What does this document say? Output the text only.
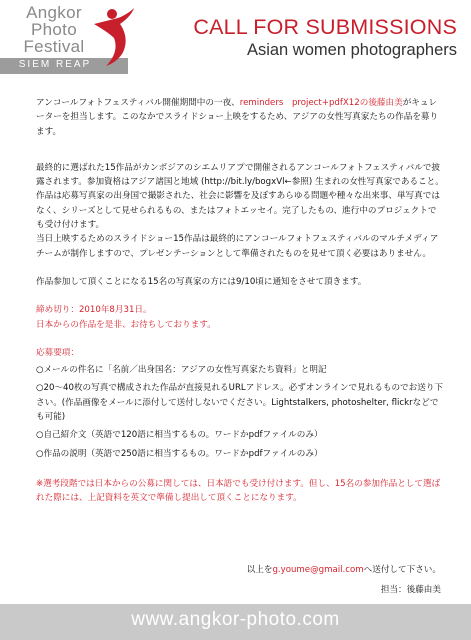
Angkor
Photo
Festival
SIEM REAP
CALL FOR SUBMISSIONS
Asian women photographers

アンコールフォトフェスティバル開催期間中の一夜、reminders　project+pdfX12の後藤由美がキュレーターを担当します。このなかでスライドショー上映をするため、アジアの女性写真家たちの作品を募ります。

最終的に選ばれた15作品がカンボジアのシエムリアプで開催されるアンコールフォトフェスティバルで披露されます。参加資格はアジア諸国と地域 (http://bit.ly/bogxVl←参照) 生まれの女性写真家であること。作品は応募写真家の出身国で撮影された、社会に影響を及ぼすあらゆる問題や種々な出来事、単写真ではなく、シリーズとして見せられるもの、またはフォトエッセイ。完了したもの、進行中のプロジェクトでも受け付けます。

当日上映するためのスライドショー15作品は最終的にアンコールフォトフェスティバルのマルチメディアチームが制作しますので、プレゼンテーションとして準備されたものを見せて頂く必要はありません。

作品参加して頂くことになる15名の写真家の方には9/10頃に通知をさせて頂きます。

締め切り：2010年8月31日。
日本からの作品を是非、お待ちしております。

応募要項：
○メールの件名に「名前／出身国名：アジアの女性写真家たち資料」と明記
○20～40枚の写真で構成された作品が直接見れるURLアドレス。必ずオンラインで見れるものでお送り下さい。(作品画像をメールに添付して送付しないでください。Lightstalkers, photoshelter, flickrなどでも可能)
○自己紹介文（英語で120語に相当するもの。ワードかpdfファイルのみ）
○作品の説明（英語で250語に相当するもの。ワードかpdfファイルのみ）

※選考段階では日本からの公募に関しては、日本語でも受け付けます。但し、15名の参加作品として選ばれた際には、上記資料を英文で準備し提出して頂くことになります。

以上をg.youme@gmail.comへ送付して下さい。
担当：後藤由美
www.angkor-photo.com
